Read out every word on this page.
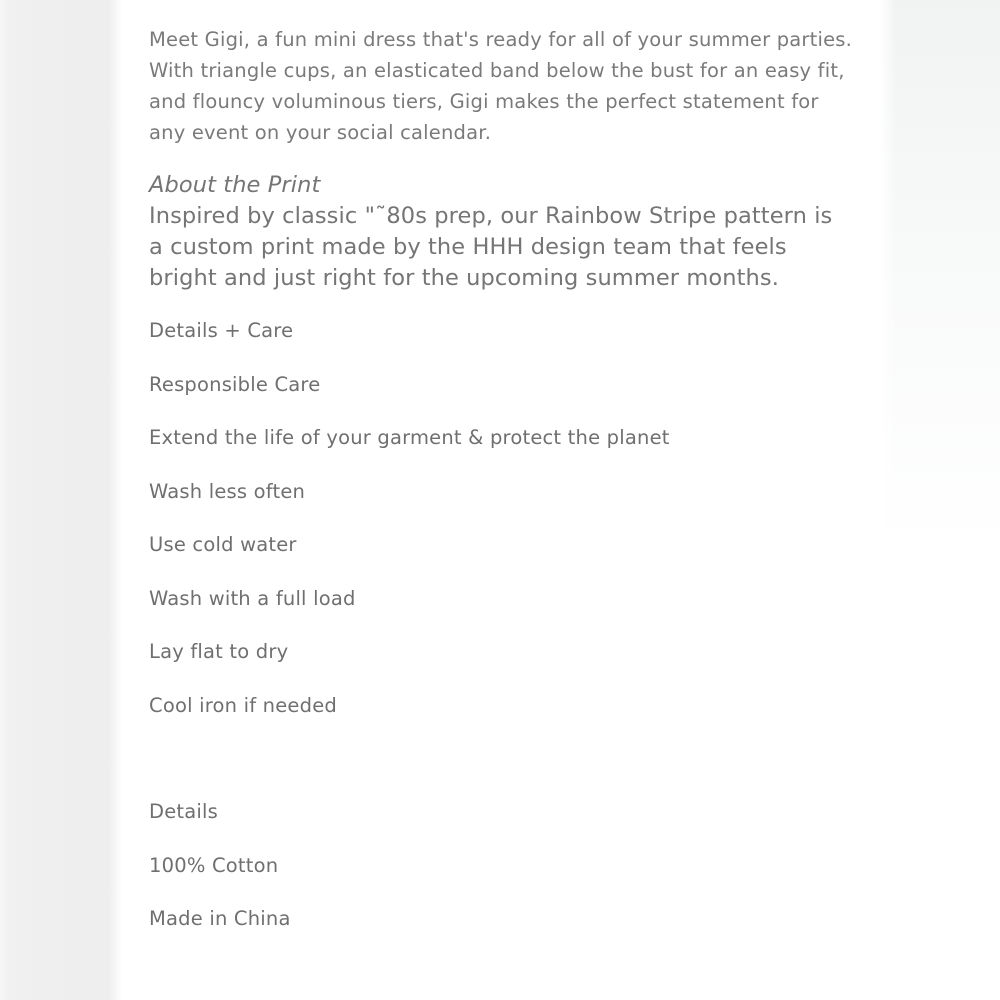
Meet Gigi, a fun mini dress that's ready for all of your summer parties.
With triangle cups, an elasticated band below the bust for an easy fit,
and flouncy voluminous tiers, Gigi makes the perfect statement for
any event on your social calendar.

About the Print
Inspired by classic "˜80s prep, our Rainbow Stripe pattern is
a custom print made by the HHH design team that feels
bright and just right for the upcoming summer months.

Details + Care

Responsible Care

Extend the life of your garment & protect the planet

Wash less often

Use cold water

Wash with a full load

Lay flat to dry

Cool iron if needed

Details

100% Cotton

Made in China
